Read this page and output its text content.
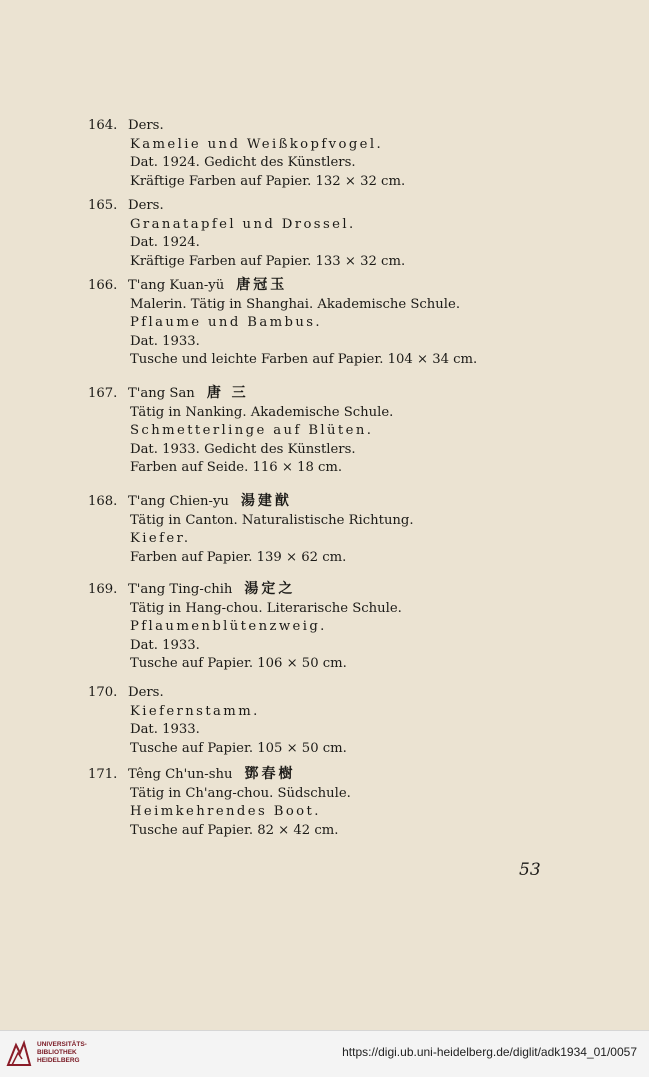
164. Ders.
Kamelie und Weißkopfvogel.
Dat. 1924. Gedicht des Künstlers.
Kräftige Farben auf Papier. 132 × 32 cm.
165. Ders.
Granatapfel und Drossel.
Dat. 1924.
Kräftige Farben auf Papier. 133 × 32 cm.
166. T'ang Kuan-yü 唐冠玉
Malerin. Tätig in Shanghai. Akademische Schule.
Pflaume und Bambus.
Dat. 1933.
Tusche und leichte Farben auf Papier. 104 × 34 cm.
167. T'ang San 唐 三
Tätig in Nanking. Akademische Schule.
Schmetterlinge auf Blüten.
Dat. 1933. Gedicht des Künstlers.
Farben auf Seide. 116 × 18 cm.
168. T'ang Chien-yu 湯建猷
Tätig in Canton. Naturalistische Richtung.
Kiefer.
Farben auf Papier. 139 × 62 cm.
169. T'ang Ting-chih 湯定之
Tätig in Hang-chou. Literarische Schule.
Pflaumenblütenzweig.
Dat. 1933.
Tusche auf Papier. 106 × 50 cm.
170. Ders.
Kiefernstamm.
Dat. 1933.
Tusche auf Papier. 105 × 50 cm.
171. Têng Ch'un-shu 鄧春樹
Tätig in Ch'ang-chou. Südschule.
Heimkehrendes Boot.
Tusche auf Papier. 82 × 42 cm.
53
UNIVERSITÄTS-
BIBLIOTHEK
HEIDELBERG
https://digi.ub.uni-heidelberg.de/diglit/adk1934_01/0057
